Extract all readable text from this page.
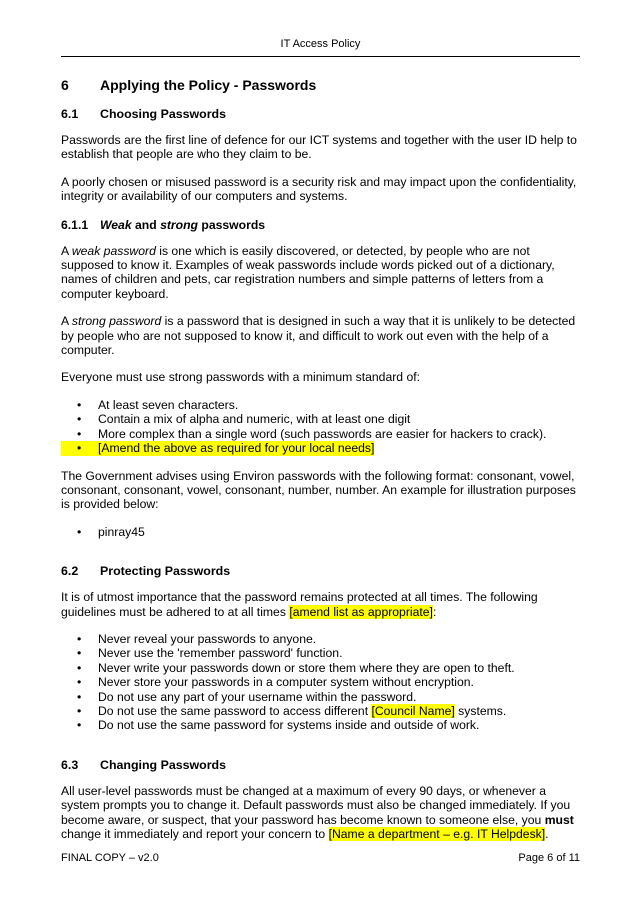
IT Access Policy
6 Applying the Policy - Passwords
6.1 Choosing Passwords

Passwords are the first line of defence for our ICT systems and together with the user ID help to establish that people are who they claim to be.

A poorly chosen or misused password is a security risk and may impact upon the confidentiality, integrity or availability of our computers and systems.

6.1.1 Weak and strong passwords

A weak password is one which is easily discovered, or detected, by people who are not supposed to know it. Examples of weak passwords include words picked out of a dictionary, names of children and pets, car registration numbers and simple patterns of letters from a computer keyboard.

A strong password is a password that is designed in such a way that it is unlikely to be detected by people who are not supposed to know it, and difficult to work out even with the help of a computer.

Everyone must use strong passwords with a minimum standard of:

• At least seven characters.
• Contain a mix of alpha and numeric, with at least one digit
• More complex than a single word (such passwords are easier for hackers to crack).
• [Amend the above as required for your local needs]

The Government advises using Environ passwords with the following format: consonant, vowel, consonant, consonant, vowel, consonant, number, number. An example for illustration purposes is provided below:

• pinray45
6.2 Protecting Passwords

It is of utmost importance that the password remains protected at all times. The following guidelines must be adhered to at all times [amend list as appropriate]:

• Never reveal your passwords to anyone.
• Never use the 'remember password' function.
• Never write your passwords down or store them where they are open to theft.
• Never store your passwords in a computer system without encryption.
• Do not use any part of your username within the password.
• Do not use the same password to access different [Council Name] systems.
• Do not use the same password for systems inside and outside of work.
6.3 Changing Passwords

All user-level passwords must be changed at a maximum of every 90 days, or whenever a system prompts you to change it. Default passwords must also be changed immediately. If you become aware, or suspect, that your password has become known to someone else, you must change it immediately and report your concern to [Name a department – e.g. IT Helpdesk].

FINAL COPY – v2.0	Page 6 of 11
